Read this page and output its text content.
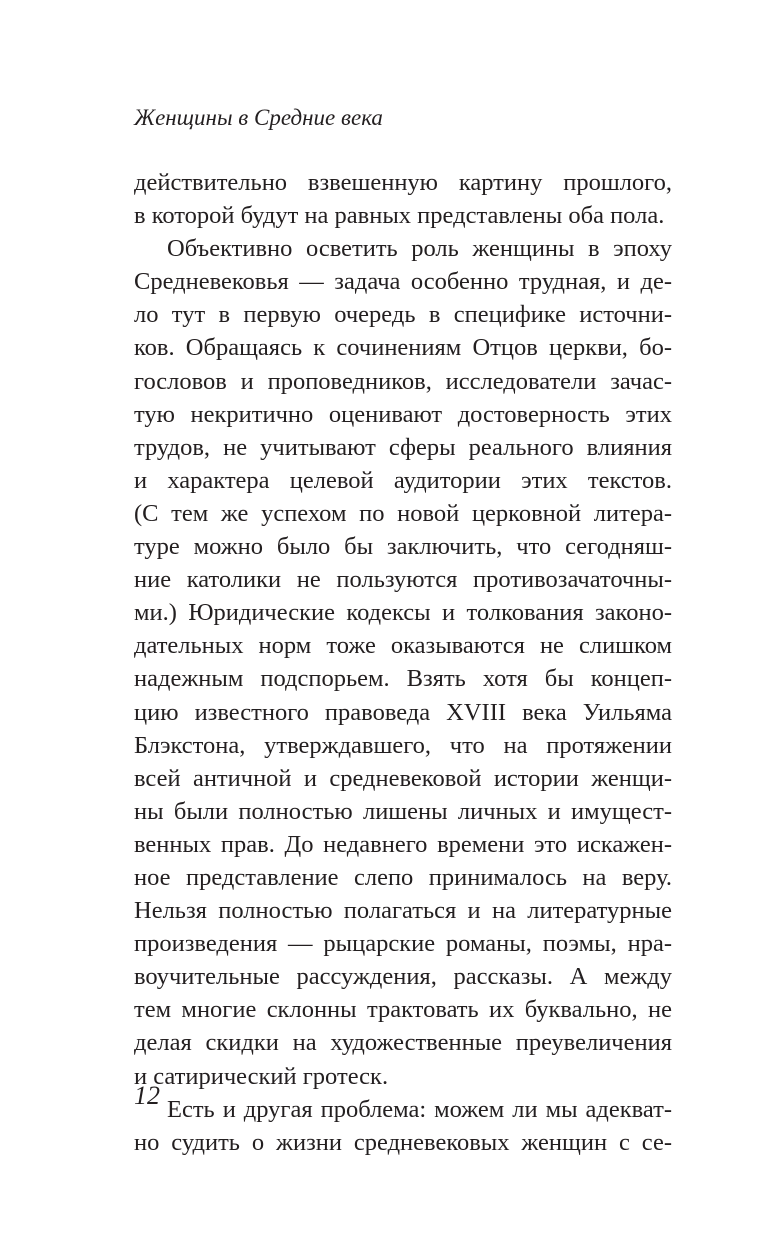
Женщины в Средние века
действительно взвешенную картину прошлого,
в которой будут на равных представлены оба пола.
Объективно осветить роль женщины в эпоху
Средневековья — задача особенно трудная, и де-
ло тут в первую очередь в специфике источни-
ков. Обращаясь к сочинениям Отцов церкви, бо-
гословов и проповедников, исследователи зачас-
тую некритично оценивают достоверность этих
трудов, не учитывают сферы реального влияния
и характера целевой аудитории этих текстов.
(С тем же успехом по новой церковной литера-
туре можно было бы заключить, что сегодняш-
ние католики не пользуются противозачаточны-
ми.) Юридические кодексы и толкования законо-
дательных норм тоже оказываются не слишком
надежным подспорьем. Взять хотя бы концеп-
цию известного правоведа XVIII века Уильяма
Блэкстона, утверждавшего, что на протяжении
всей античной и средневековой истории женщи-
ны были полностью лишены личных и имущест-
венных прав. До недавнего времени это искажен-
ное представление слепо принималось на веру.
Нельзя полностью полагаться и на литературные
произведения — рыцарские романы, поэмы, нра-
воучительные рассуждения, рассказы. А между
тем многие склонны трактовать их буквально, не
делая скидки на художественные преувеличения
и сатирический гротеск.
Есть и другая проблема: можем ли мы адекват-
но судить о жизни средневековых женщин с се-
12
